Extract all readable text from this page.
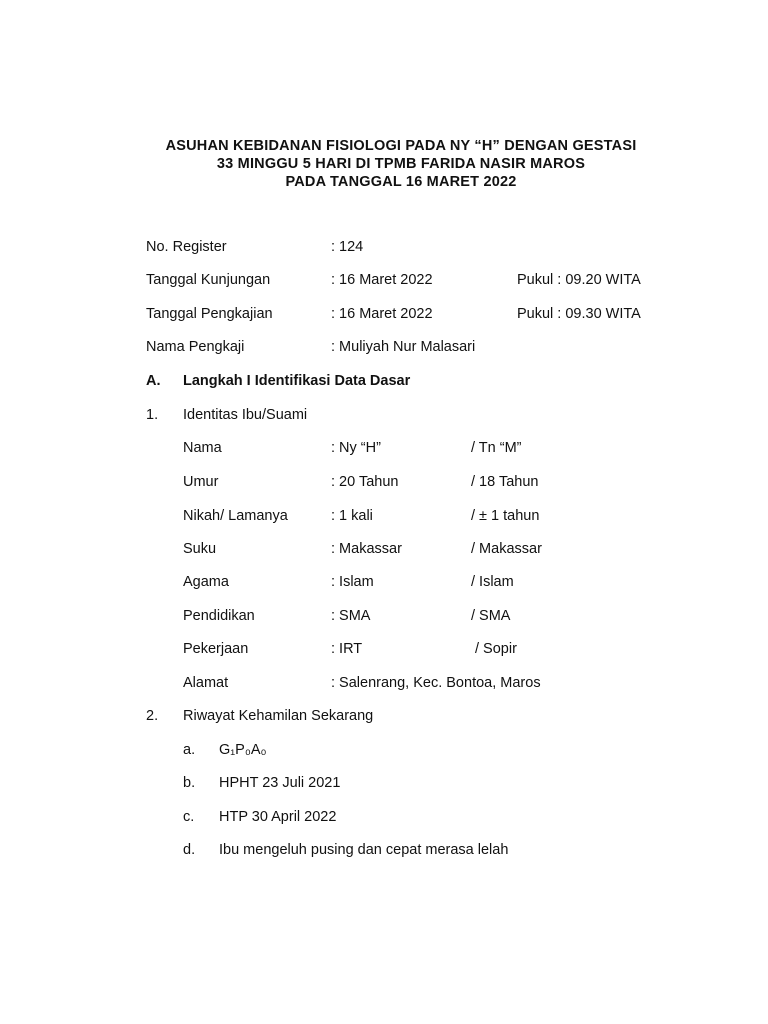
ASUHAN KEBIDANAN FISIOLOGI PADA NY “H” DENGAN GESTASI
33 MINGGU 5 HARI DI TPMB FARIDA NASIR MAROS
PADA TANGGAL 16 MARET 2022
No. Register	: 124
Tanggal Kunjungan	: 16 Maret 2022	Pukul : 09.20 WITA
Tanggal Pengkajian	: 16 Maret 2022	Pukul : 09.30 WITA
Nama Pengkaji	: Muliyah Nur Malasari
A. Langkah I Identifikasi Data Dasar
1. Identitas Ibu/Suami
Nama	: Ny “H”	/ Tn “M”
Umur	: 20 Tahun	/ 18 Tahun
Nikah/ Lamanya	: 1 kali	/ ± 1 tahun
Suku	: Makassar	/ Makassar
Agama	: Islam	/ Islam
Pendidikan	: SMA	/ SMA
Pekerjaan	: IRT	/ Sopir
Alamat	: Salenrang, Kec. Bontoa, Maros
2. Riwayat Kehamilan Sekarang
a. G₁P₀A₀
b. HPHT 23 Juli 2021
c. HTP 30 April 2022
d. Ibu mengeluh pusing dan cepat merasa lelah
